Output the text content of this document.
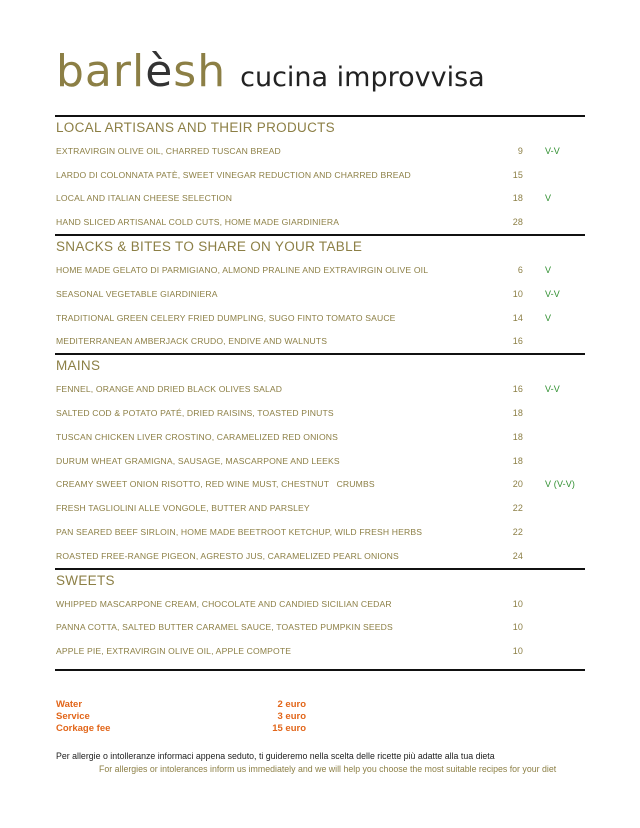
barlèsh cucina improvvisa
LOCAL ARTISANS AND THEIR PRODUCTS
EXTRAVIRGIN OLIVE OIL, CHARRED TUSCAN BREAD	9 V-V
LARDO DI COLONNATA PATÈ, SWEET VINEGAR REDUCTION AND CHARRED BREAD	15
LOCAL AND ITALIAN CHEESE SELECTION	18 V
HAND SLICED ARTISANAL COLD CUTS, HOME MADE GIARDINIERA	28
SNACKS & BITES TO SHARE ON YOUR TABLE
HOME MADE GELATO DI PARMIGIANO, ALMOND PRALINE AND EXTRAVIRGIN OLIVE OIL	6 V
SEASONAL VEGETABLE GIARDINIERA	10 V-V
TRADITIONAL GREEN CELERY FRIED DUMPLING, SUGO FINTO TOMATO SAUCE	14 V
MEDITERRANEAN AMBERJACK CRUDO, ENDIVE AND WALNUTS	16
MAINS
FENNEL, ORANGE AND DRIED BLACK OLIVES SALAD	16 V-V
SALTED COD & POTATO PATÉ, DRIED RAISINS, TOASTED PINUTS	18
TUSCAN CHICKEN LIVER CROSTINO, CARAMELIZED RED ONIONS	18
DURUM WHEAT GRAMIGNA, SAUSAGE, MASCARPONE AND LEEKS	18
CREAMY SWEET ONION RISOTTO, RED WINE MUST, CHESTNUT   CRUMBS	20 V (V-V)
FRESH TAGLIOLINI ALLE VONGOLE, BUTTER AND PARSLEY	22
PAN SEARED BEEF SIRLOIN, HOME MADE BEETROOT KETCHUP, WILD FRESH HERBS	22
ROASTED FREE-RANGE PIGEON, AGRESTO JUS, CARAMELIZED PEARL ONIONS	24
SWEETS
WHIPPED MASCARPONE CREAM, CHOCOLATE AND CANDIED SICILIAN CEDAR	10
PANNA COTTA, SALTED BUTTER CARAMEL SAUCE, TOASTED PUMPKIN SEEDS	10
APPLE PIE, EXTRAVIRGIN OLIVE OIL, APPLE COMPOTE	10
Water	2 euro
Service	3 euro
Corkage fee	15 euro
Per allergie o intolleranze informaci appena seduto, ti guideremo nella scelta delle ricette più adatte alla tua dieta
For allergies or intolerances inform us immediately and we will help you choose the most suitable recipes for your diet
